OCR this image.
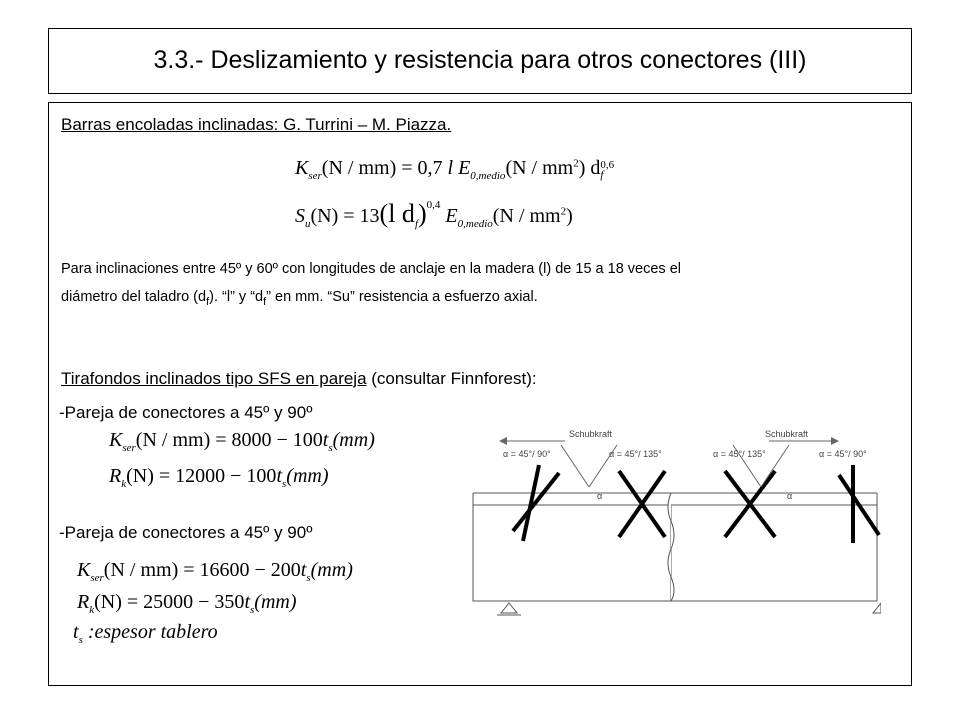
3.3.- Deslizamiento y resistencia para otros conectores (III)
Barras encoladas inclinadas: G. Turrini – M. Piazza.
$K_{ser}(N / mm) = 0,7$ l $E_{0,medio}(N / mm^2)$ d 0,6
f
$S_u(N) = 13(l$ $d_f)^{0,4}$ $E_{0,medio}(N / mm^2)$
Para inclinaciones entre 45º y 60º con longitudes de anclaje en la madera (l) de 15 a 18 veces el
diámetro del taladro $(d_f)$. “l” y “$d_f$” en mm. “Su” resistencia a esfuerzo axial.
Tirafondos inclinados tipo SFS en pareja (consultar Finnforest):
-Pareja de conectores a 45º y 90º
$K_{ser}(N / mm) = 8000 - 100t_s(mm)$
$R_k(N) = 12000 - 100t_s(mm)$
-Pareja de conectores a 45º y 90º
$K_{ser}(N / mm) = 16600 - 200t_s(mm)$
$R_k(N) = 25000 - 350t_s(mm)$
$t_s$ :espesor tablero
Schubkraft	Schubkraft
α = 45°/ 90°	α = 45°/ 135°	α = 45°/ 135°	α = 45°/ 90°
α	α
